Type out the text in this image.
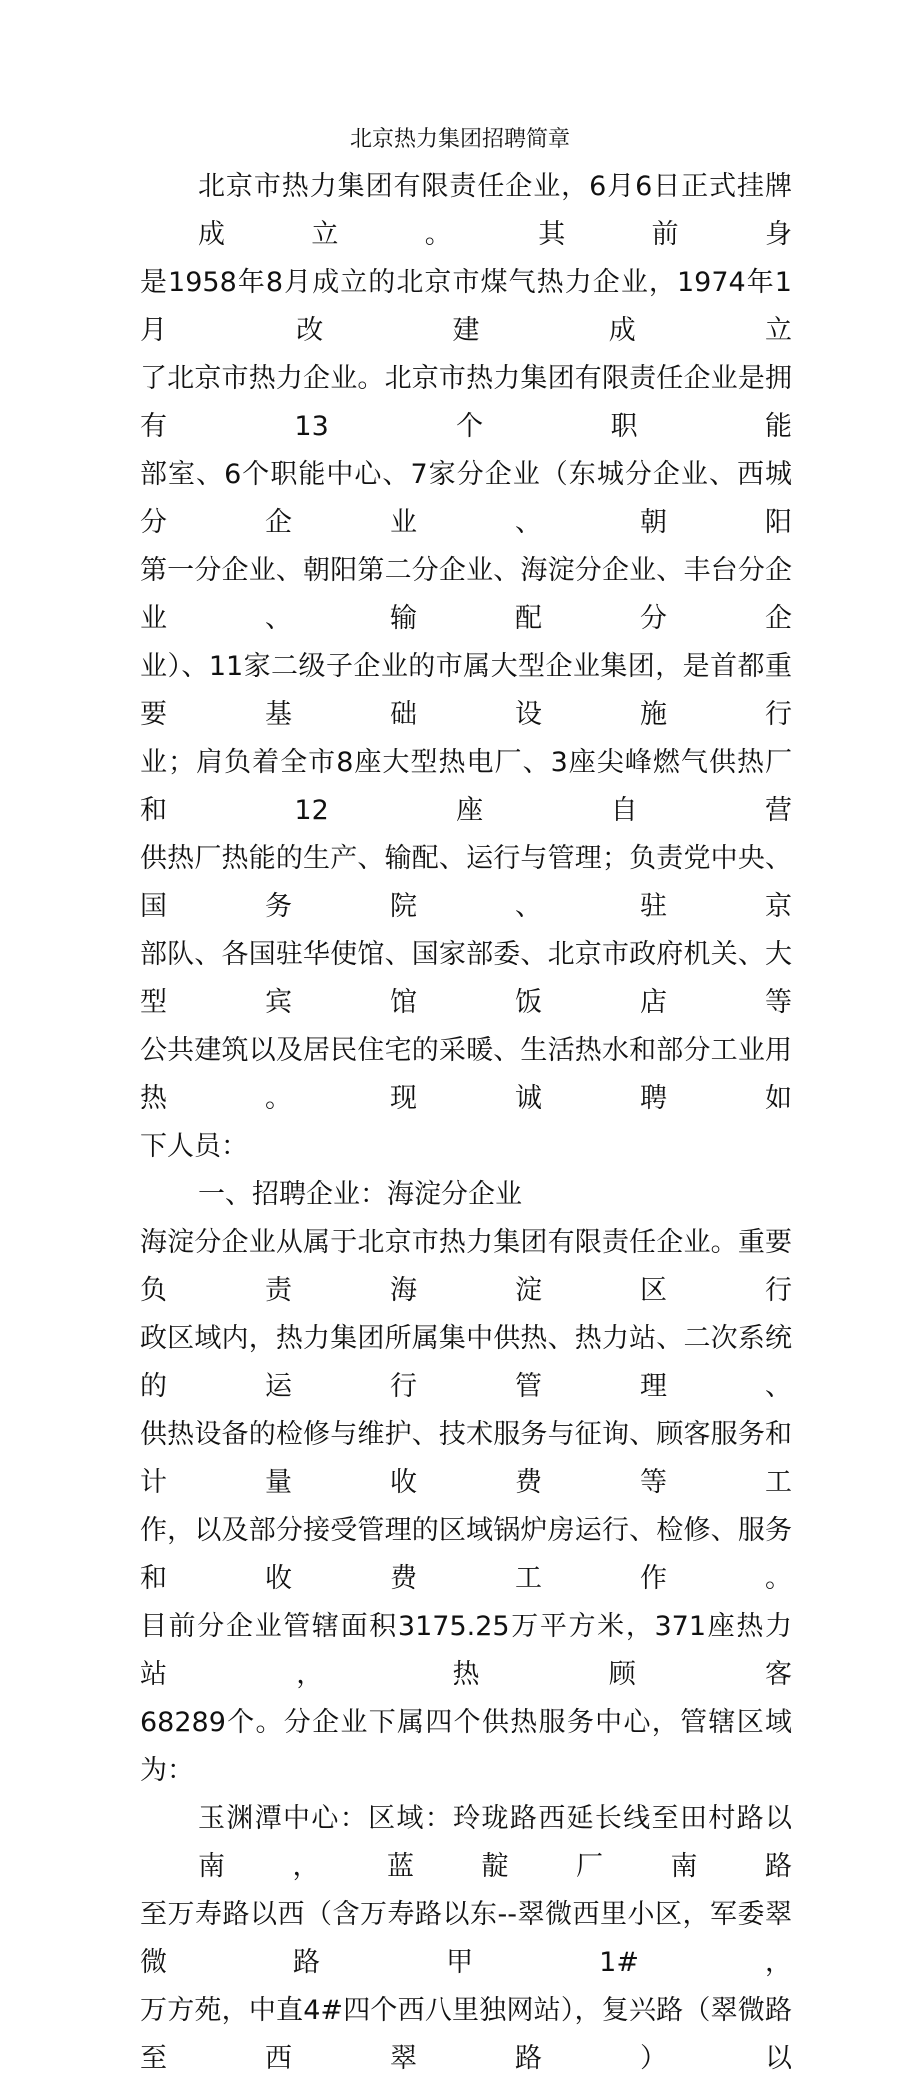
北京热力集团招聘简章
北京市热力集团有限责任企业，6月6日正式挂牌成立。其前身
是1958年8月成立的北京市煤气热力企业，1974年1月改建成立
了北京市热力企业。北京市热力集团有限责任企业是拥有13个职能
部室、6个职能中心、7家分企业（东城分企业、西城分企业、朝阳
第一分企业、朝阳第二分企业、海淀分企业、丰台分企业、输配分企
业）、11家二级子企业的市属大型企业集团，是首都重要基础设施行
业；肩负着全市8座大型热电厂、3座尖峰燃气供热厂和12座自营
供热厂热能的生产、输配、运行与管理；负责党中央、国务院、驻京
部队、各国驻华使馆、国家部委、北京市政府机关、大型宾馆饭店等
公共建筑以及居民住宅的采暖、生活热水和部分工业用热。现诚聘如
下人员：
一、招聘企业：海淀分企业
海淀分企业从属于北京市热力集团有限责任企业。重要负责海淀区行
政区域内，热力集团所属集中供热、热力站、二次系统的运行管理、
供热设备的检修与维护、技术服务与征询、顾客服务和计量收费等工
作，以及部分接受管理的区域锅炉房运行、检修、服务和收费工作。
目前分企业管辖面积3175.25万平方米，371座热力站，热顾客
68289个。分企业下属四个供热服务中心，管辖区域为：
玉渊潭中心：区域：玲珑路西延长线至田村路以南，蓝靛厂南路
至万寿路以西（含万寿路以东--翠微西里小区，军委翠微路甲1#，
万方苑，中直4#四个西八里独网站），复兴路（翠微路至西翠路）以
